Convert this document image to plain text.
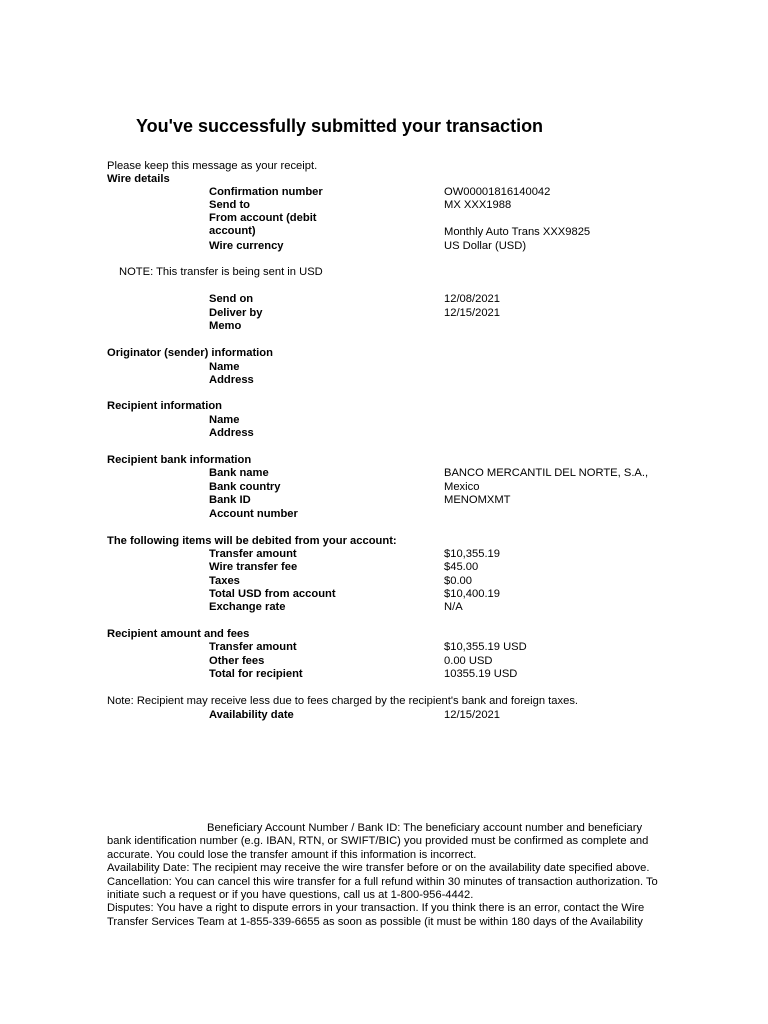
You've successfully submitted your transaction
Please keep this message as your receipt.
Wire details
Confirmation number	OW00001816140042
Send to	MX XXX1988
From account (debit account)	Monthly Auto Trans XXX9825
Wire currency	US Dollar (USD)
NOTE: This transfer is being sent in USD
Send on	12/08/2021
Deliver by	12/15/2021
Memo
Originator (sender) information
Name
Address
Recipient information
Name
Address
Recipient bank information
Bank name	BANCO MERCANTIL DEL NORTE, S.A.,
Bank country	Mexico
Bank ID	MENOMXMT
Account number
The following items will be debited from your account:
Transfer amount	$10,355.19
Wire transfer fee	$45.00
Taxes	$0.00
Total USD from account	$10,400.19
Exchange rate	N/A
Recipient amount and fees
Transfer amount	$10,355.19 USD
Other fees	0.00 USD
Total for recipient	10355.19 USD
Note: Recipient may receive less due to fees charged by the recipient's bank and foreign taxes.
Availability date	12/15/2021

Beneficiary Account Number / Bank ID: The beneficiary account number and beneficiary bank identification number (e.g. IBAN, RTN, or SWIFT/BIC) you provided must be confirmed as complete and accurate. You could lose the transfer amount if this information is incorrect.

Availability Date: The recipient may receive the wire transfer before or on the availability date specified above.

Cancellation: You can cancel this wire transfer for a full refund within 30 minutes of transaction authorization. To initiate such a request or if you have questions, call us at 1-800-956-4442.

Disputes: You have a right to dispute errors in your transaction. If you think there is an error, contact the Wire Transfer Services Team at 1-855-339-6655 as soon as possible (it must be within 180 days of the Availability
